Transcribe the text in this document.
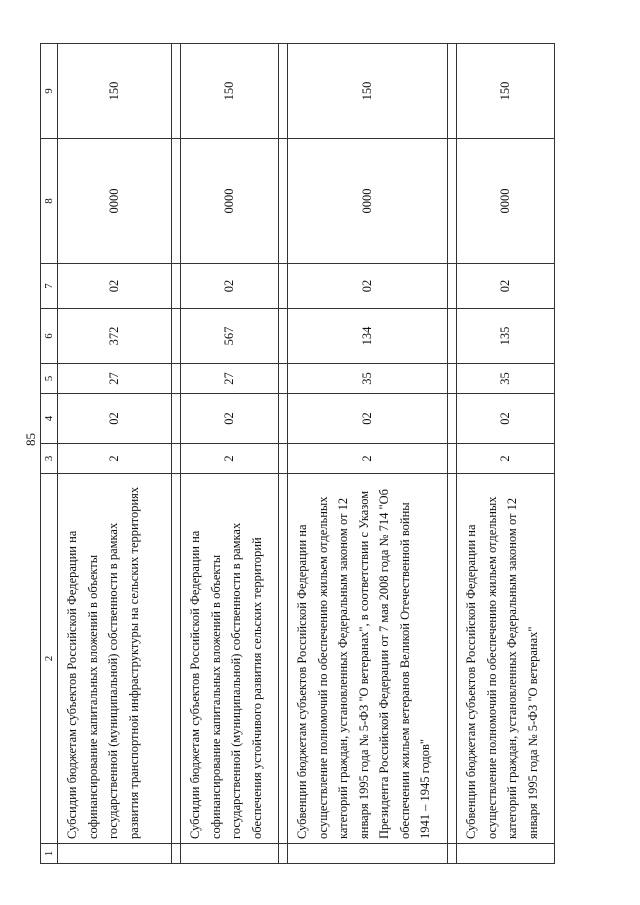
85
1	2	3	4	5	6	7	8	9
	Субсидии бюджетам субъектов Российской Федерации на софинансирование капитальных вложений в объекты государственной (муниципальной) собственности в рамках развития транспортной инфраструктуры на сельских территориях	2	02	27	372	02	0000	150

	Субсидии бюджетам субъектов Российской Федерации на софинансирование капитальных вложений в объекты государственной (муниципальной) собственности в рамках обеспечения устойчивого развития сельских территорий	2	02	27	567	02	0000	150

	Субвенции бюджетам субъектов Российской Федерации на осуществление полномочий по обеспечению жильем отдельных категорий граждан, установленных Федеральным законом от 12 января 1995 года № 5-ФЗ "О ветеранах", в соответствии с Указом Президента Российской Федерации от 7 мая 2008 года № 714 "Об обеспечении жильем ветеранов Великой Отечественной войны 1941 – 1945 годов"	2	02	35	134	02	0000	150

	Субвенции бюджетам субъектов Российской Федерации на осуществление полномочий по обеспечению жильем отдельных категорий граждан, установленных Федеральным законом от 12 января 1995 года № 5-ФЗ "О ветеранах"	2	02	35	135	02	0000	150
